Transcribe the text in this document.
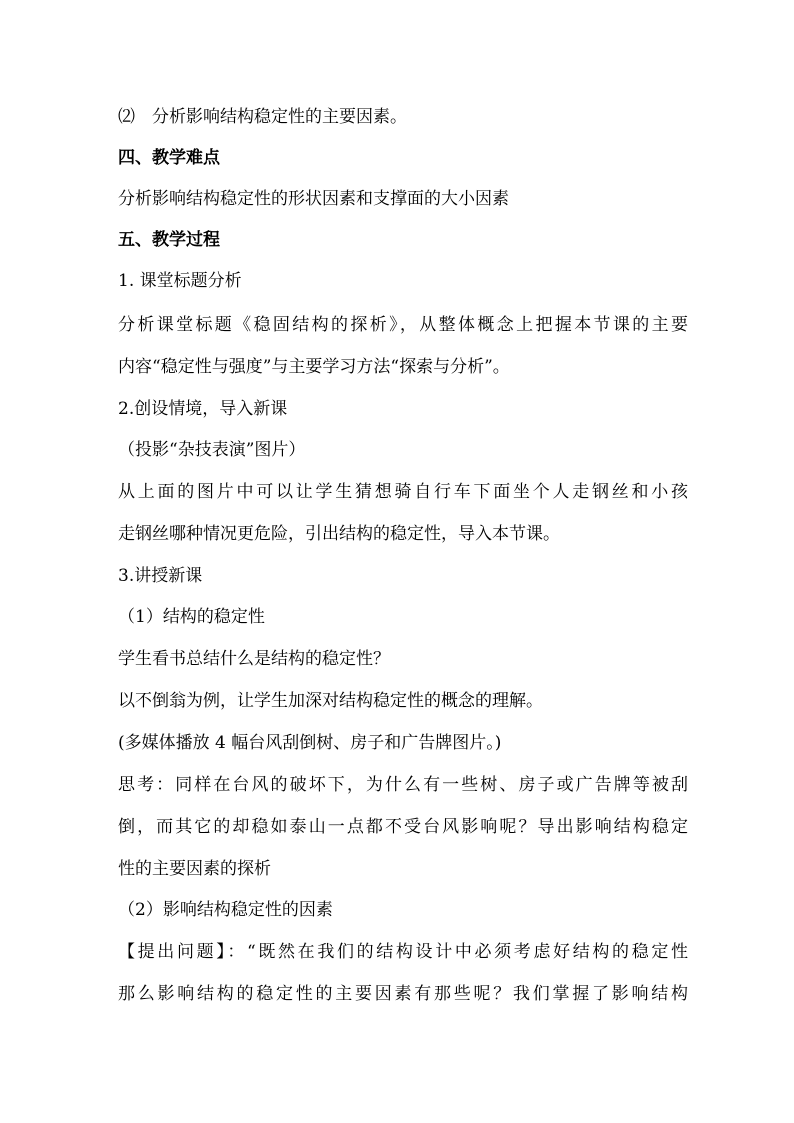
⑵　分析影响结构稳定性的主要因素。
四、教学难点
分析影响结构稳定性的形状因素和支撑面的大小因素
五、教学过程
1. 课堂标题分析
分析课堂标题《稳固结构的探析》，从整体概念上把握本节课的主要
内容“稳定性与强度”与主要学习方法“探索与分析”。
2.创设情境，导入新课
（投影“杂技表演”图片）
从上面的图片中可以让学生猜想骑自行车下面坐个人走钢丝和小孩
走钢丝哪种情况更危险，引出结构的稳定性，导入本节课。
3.讲授新课
（1）结构的稳定性
学生看书总结什么是结构的稳定性？
以不倒翁为例，让学生加深对结构稳定性的概念的理解。
(多媒体播放 4 幅台风刮倒树、房子和广告牌图片。)
思考：同样在台风的破坏下，为什么有一些树、房子或广告牌等被刮
倒，而其它的却稳如泰山一点都不受台风影响呢？导出影响结构稳定
性的主要因素的探析
（2）影响结构稳定性的因素
【提出问题】：“既然在我们的结构设计中必须考虑好结构的稳定性
那么影响结构的稳定性的主要因素有那些呢？我们掌握了影响结构
